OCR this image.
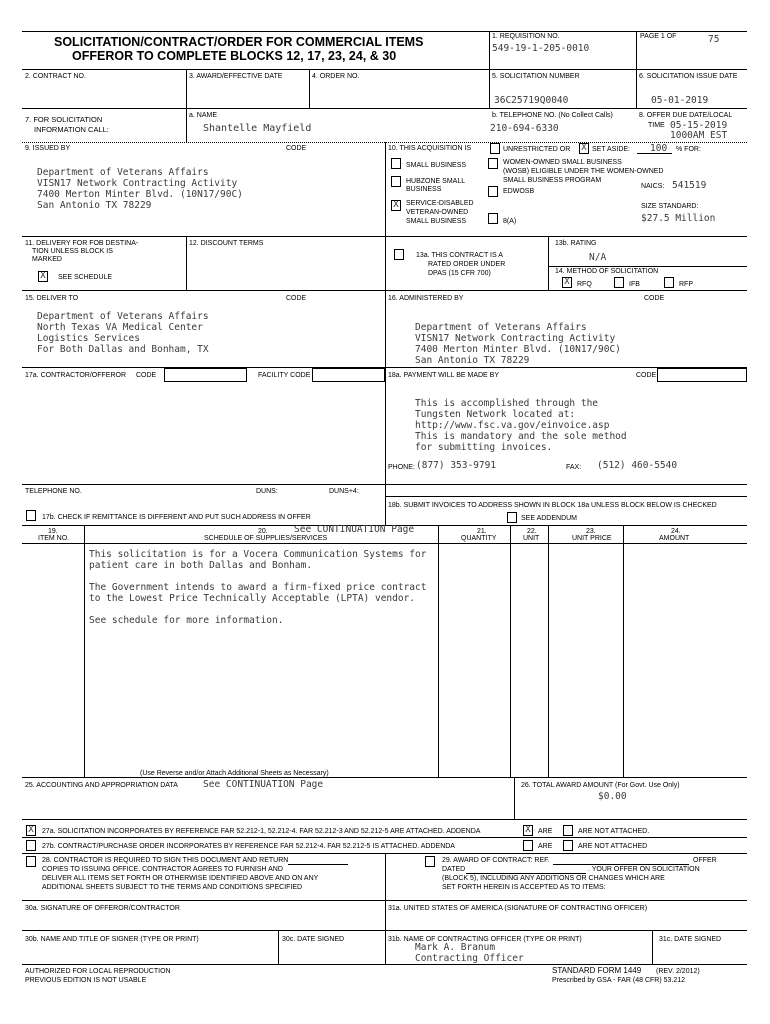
SOLICITATION/CONTRACT/ORDER FOR COMMERCIAL ITEMS
OFFEROR TO COMPLETE BLOCKS 12, 17, 23, 24, & 30
1. REQUISITION NO.
549-19-1-205-0010
PAGE 1 OF	75
2. CONTRACT NO.	3. AWARD/EFFECTIVE DATE	4. ORDER NO.	5. SOLICITATION NUMBER
36C25719Q0040
6. SOLICITATION ISSUE DATE
05-01-2019
7. FOR SOLICITATION
INFORMATION CALL:
a. NAME
Shantelle Mayfield
b. TELEPHONE NO. (No Collect Calls)
210-694-6330
8. OFFER DUE DATE/LOCAL
TIME 05-15-2019
1000AM EST
9. ISSUED BY	CODE
Department of Veterans Affairs
VISN17 Network Contracting Activity
7400 Merton Minter Blvd. (10N17/90C)
San Antonio TX 78229
10. THIS ACQUISITION IS	UNRESTRICTED OR X SET ASIDE: 100 % FOR:
SMALL BUSINESS
HUBZONE SMALL
BUSINESS
X	SERVICE-DISABLED
VETERAN-OWNED
SMALL BUSINESS
WOMEN-OWNED SMALL BUSINESS
(WOSB) ELIGIBLE UNDER THE WOMEN-OWNED
SMALL BUSINESS PROGRAM
EDWOSB
8(A)
NAICS: 541519
SIZE STANDARD:
$27.5 Million
11. DELIVERY FOR FOB DESTINA-
TION UNLESS BLOCK IS
MARKED
X	SEE SCHEDULE
12. DISCOUNT TERMS
13a. THIS CONTRACT IS A
RATED ORDER UNDER
DPAS (15 CFR 700)
13b. RATING
N/A
14. METHOD OF SOLICITATION
X	RFQ	IFB	RFP
15. DELIVER TO	CODE
Department of Veterans Affairs
North Texas VA Medical Center
Logistics Services
For Both Dallas and Bonham, TX
16. ADMINISTERED BY	CODE
Department of Veterans Affairs
VISN17 Network Contracting Activity
7400 Merton Minter Blvd. (10N17/90C)
San Antonio TX 78229
17a. CONTRACTOR/OFFEROR CODE	FACILITY CODE
TELEPHONE NO.	DUNS:	DUNS+4:
17b. CHECK IF REMITTANCE IS DIFFERENT AND PUT SUCH ADDRESS IN OFFER
18a. PAYMENT WILL BE MADE BY	CODE
This is accomplished through the
Tungsten Network located at:
http://www.fsc.va.gov/einvoice.asp
This is mandatory and the sole method
for submitting invoices.
PHONE: (877) 353-9791	FAX: (512) 460-5540
18b. SUBMIT INVOICES TO ADDRESS SHOWN IN BLOCK 18a UNLESS BLOCK BELOW IS CHECKED
SEE ADDENDUM
19.
ITEM NO.
20.	See CONTINUATION Page
SCHEDULE OF SUPPLIES/SERVICES
21.
QUANTITY
22.
UNIT
23.
UNIT PRICE
24.
AMOUNT
This solicitation is for a Vocera Communication Systems for
patient care in both Dallas and Bonham.
The Government intends to award a firm-fixed price contract
to the Lowest Price Technically Acceptable (LPTA) vendor.
See schedule for more information.
(Use Reverse and/or Attach Additional Sheets as Necessary)
25. ACCOUNTING AND APPROPRIATION DATA	See CONTINUATION Page	26. TOTAL AWARD AMOUNT (For Govt. Use Only)
$0.00
X	27a. SOLICITATION INCORPORATES BY REFERENCE FAR 52.212-1, 52.212-4. FAR 52.212-3 AND 52.212-5 ARE ATTACHED. ADDENDA	X	ARE	ARE NOT ATTACHED.
27b. CONTRACT/PURCHASE ORDER INCORPORATES BY REFERENCE FAR 52.212-4. FAR 52.212-5 IS ATTACHED. ADDENDA	ARE	ARE NOT ATTACHED
28. CONTRACTOR IS REQUIRED TO SIGN THIS DOCUMENT AND RETURN
COPIES TO ISSUING OFFICE. CONTRACTOR AGREES TO FURNISH AND
DELIVER ALL ITEMS SET FORTH OR OTHERWISE IDENTIFIED ABOVE AND ON ANY
ADDITIONAL SHEETS SUBJECT TO THE TERMS AND CONDITIONS SPECIFIED
29. AWARD OF CONTRACT: REF.	OFFER
DATED	. YOUR OFFER ON SOLICITATION
(BLOCK 5), INCLUDING ANY ADDITIONS OR CHANGES WHICH ARE
SET FORTH HEREIN IS ACCEPTED AS TO ITEMS:
30a. SIGNATURE OF OFFEROR/CONTRACTOR	31a. UNITED STATES OF AMERICA (SIGNATURE OF CONTRACTING OFFICER)
30b. NAME AND TITLE OF SIGNER (TYPE OR PRINT)	30c. DATE SIGNED	31b. NAME OF CONTRACTING OFFICER (TYPE OR PRINT)
Mark A. Branum
Contracting Officer
31c. DATE SIGNED
AUTHORIZED FOR LOCAL REPRODUCTION
PREVIOUS EDITION IS NOT USABLE
STANDARD FORM 1449 (REV. 2/2012)
Prescribed by GSA - FAR (48 CFR) 53.212
